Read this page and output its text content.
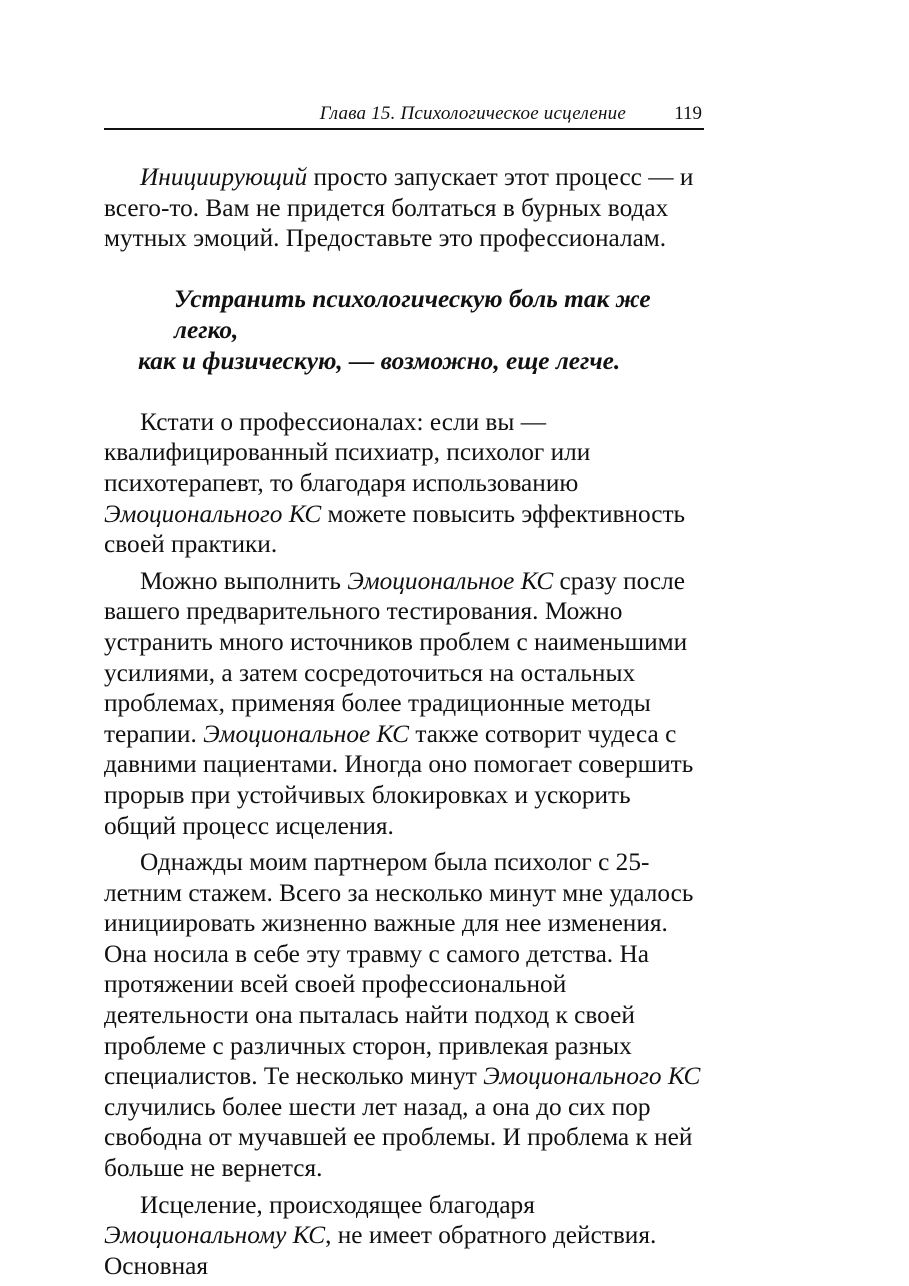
Глава 15. Психологическое исцеление	119

Инициирующий просто запускает этот процесс — и всего-то. Вам не придется болтаться в бурных водах мутных эмоций. Предоставьте это профессионалам.

Устранить психологическую боль так же легко,
как и физическую, — возможно, еще легче.

Кстати о профессионалах: если вы — квалифицированный психиатр, психолог или психотерапевт, то благодаря использованию Эмоционального КС можете повысить эффективность своей практики.

Можно выполнить Эмоциональное КС сразу после вашего предварительного тестирования. Можно устранить много источников проблем с наименьшими усилиями, а затем сосредоточиться на остальных проблемах, применяя более традиционные методы терапии. Эмоциональное КС также сотворит чудеса с давними пациентами. Иногда оно помогает совершить прорыв при устойчивых блокировках и ускорить общий процесс исцеления.

Однажды моим партнером была психолог с 25-летним стажем. Всего за несколько минут мне удалось инициировать жизненно важные для нее изменения. Она носила в себе эту травму с самого детства. На протяжении всей своей профессиональной деятельности она пыталась найти подход к своей проблеме с различных сторон, привлекая разных специалистов. Те несколько минут Эмоционального КС случились более шести лет назад, а она до сих пор свободна от мучавшей ее проблемы. И проблема к ней больше не вернется.

Исцеление, происходящее благодаря Эмоциональному КС, не имеет обратного действия. Основная
